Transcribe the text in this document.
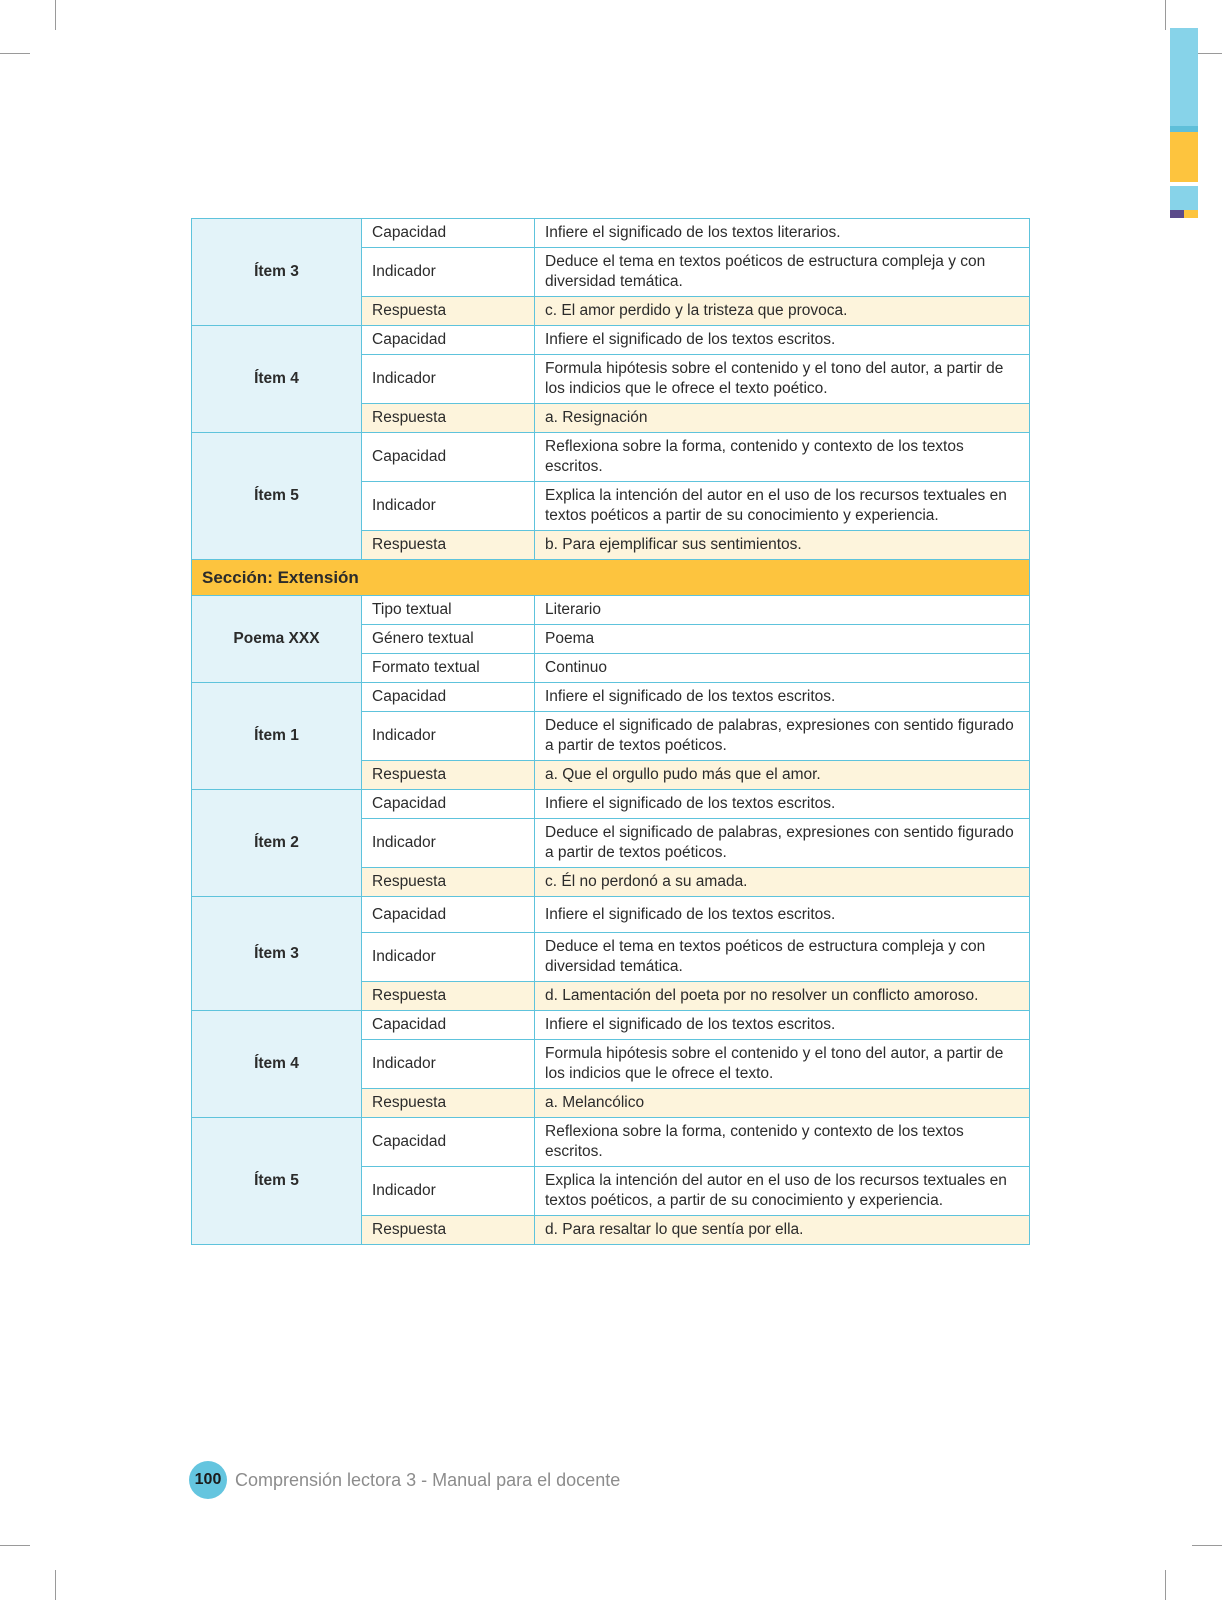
Ítem 3	Capacidad	Infiere el significado de los textos literarios.
	Indicador	Deduce el tema en textos poéticos de estructura compleja y con diversidad temática.
	Respuesta	c. El amor perdido y la tristeza que provoca.
Ítem 4	Capacidad	Infiere el significado de los textos escritos.
	Indicador	Formula hipótesis sobre el contenido y el tono del autor, a partir de los indicios que le ofrece el texto poético.
	Respuesta	a. Resignación
Ítem 5	Capacidad	Reflexiona sobre la forma, contenido y contexto de los textos escritos.
	Indicador	Explica la intención del autor en el uso de los recursos textuales en textos poéticos a partir de su conocimiento y experiencia.
	Respuesta	b. Para ejemplificar sus sentimientos.
Sección: Extensión		
Poema XXX	Tipo textual	Literario
	Género textual	Poema
	Formato textual	Continuo
Ítem 1	Capacidad	Infiere el significado de los textos escritos.
	Indicador	Deduce el significado de palabras, expresiones con sentido figurado a partir de textos poéticos.
	Respuesta	a. Que el orgullo pudo más que el amor.
Ítem 2	Capacidad	Infiere el significado de los textos escritos.
	Indicador	Deduce el significado de palabras, expresiones con sentido figurado a partir de textos poéticos.
	Respuesta	c. Él no perdonó a su amada.
Ítem 3	Capacidad	Infiere el significado de los textos escritos.
	Indicador	Deduce el tema en textos poéticos de estructura compleja y con diversidad temática.
	Respuesta	d. Lamentación del poeta por no resolver un conflicto amoroso.
Ítem 4	Capacidad	Infiere el significado de los textos escritos.
	Indicador	Formula hipótesis sobre el contenido y el tono del autor, a partir de los indicios que le ofrece el texto.
	Respuesta	a. Melancólico
Ítem 5	Capacidad	Reflexiona sobre la forma, contenido y contexto de los textos escritos.
	Indicador	Explica la intención del autor en el uso de los recursos textuales en textos poéticos, a partir de su conocimiento y experiencia.
	Respuesta	d. Para resaltar lo que sentía por ella.
100 Comprensión lectora 3 - Manual para el docente
